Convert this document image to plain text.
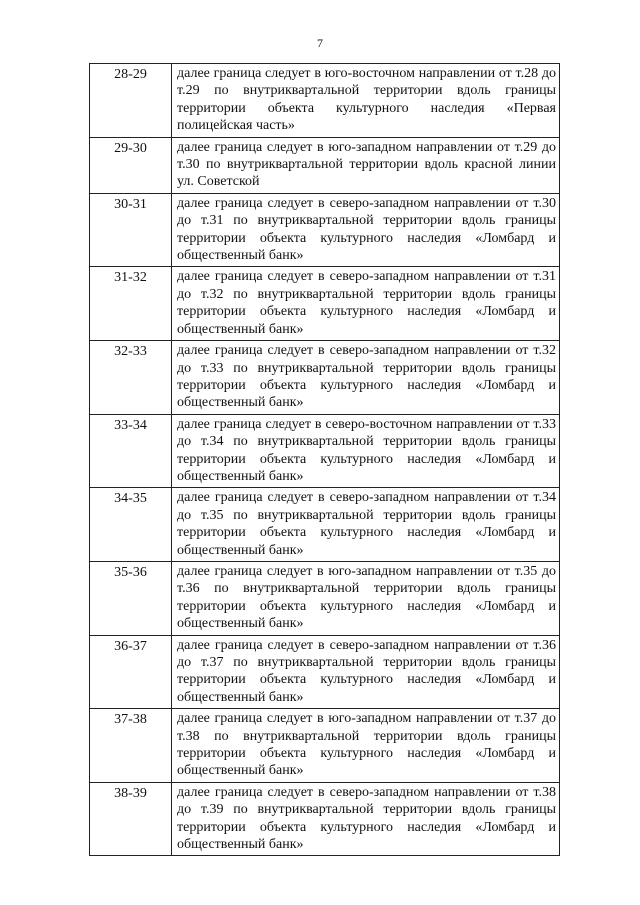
7
28-29	далее граница следует в юго-восточном направлении от т.28 до т.29 по внутриквартальной территории вдоль границы территории объекта культурного наследия «Первая полицейская часть»
29-30	далее граница следует в юго-западном направлении от т.29 до т.30 по внутриквартальной территории вдоль красной линии ул. Советской
30-31	далее граница следует в северо-западном направлении от т.30 до т.31 по внутриквартальной территории вдоль границы территории объекта культурного наследия «Ломбард и общественный банк»
31-32	далее граница следует в северо-западном направлении от т.31 до т.32 по внутриквартальной территории вдоль границы территории объекта культурного наследия «Ломбард и общественный банк»
32-33	далее граница следует в северо-западном направлении от т.32 до т.33 по внутриквартальной территории вдоль границы территории объекта культурного наследия «Ломбард и общественный банк»
33-34	далее граница следует в северо-восточном направлении от т.33 до т.34 по внутриквартальной территории вдоль границы территории объекта культурного наследия «Ломбард и общественный банк»
34-35	далее граница следует в северо-западном направлении от т.34 до т.35 по внутриквартальной территории вдоль границы территории объекта культурного наследия «Ломбард и общественный банк»
35-36	далее граница следует в юго-западном направлении от т.35 до т.36 по внутриквартальной территории вдоль границы территории объекта культурного наследия «Ломбард и общественный банк»
36-37	далее граница следует в северо-западном направлении от т.36 до т.37 по внутриквартальной территории вдоль границы территории объекта культурного наследия «Ломбард и общественный банк»
37-38	далее граница следует в юго-западном направлении от т.37 до т.38 по внутриквартальной территории вдоль границы территории объекта культурного наследия «Ломбард и общественный банк»
38-39	далее граница следует в северо-западном направлении от т.38 до т.39 по внутриквартальной территории вдоль границы территории объекта культурного наследия «Ломбард и общественный банк»
